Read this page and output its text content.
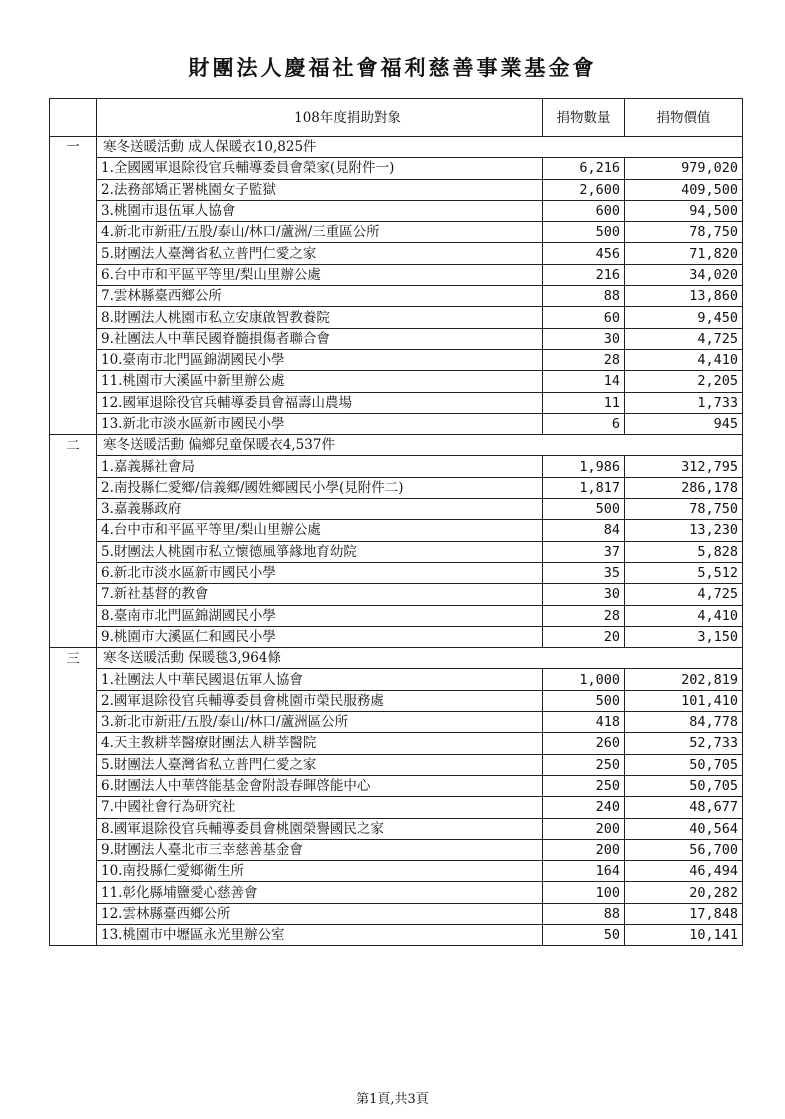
財團法人慶福社會福利慈善事業基金會
	108年度捐助對象	捐物數量	捐物價值
一	寒冬送暖活動 成人保暖衣10,825件		
	1.全國國軍退除役官兵輔導委員會榮家(見附件一)	6,216	979,020
	2.法務部矯正署桃園女子監獄	2,600	409,500
	3.桃園市退伍軍人協會	600	94,500
	4.新北市新莊/五股/泰山/林口/蘆洲/三重區公所	500	78,750
	5.財團法人臺灣省私立普門仁愛之家	456	71,820
	6.台中市和平區平等里/梨山里辦公處	216	34,020
	7.雲林縣臺西鄉公所	88	13,860
	8.財團法人桃園市私立安康啟智教養院	60	9,450
	9.社團法人中華民國脊髓損傷者聯合會	30	4,725
	10.臺南市北門區錦湖國民小學	28	4,410
	11.桃園市大溪區中新里辦公處	14	2,205
	12.國軍退除役官兵輔導委員會福壽山農場	11	1,733
	13.新北市淡水區新市國民小學	6	945
二	寒冬送暖活動 偏鄉兒童保暖衣4,537件		
	1.嘉義縣社會局	1,986	312,795
	2.南投縣仁愛鄉/信義鄉/國姓鄉國民小學(見附件二)	1,817	286,178
	3.嘉義縣政府	500	78,750
	4.台中市和平區平等里/梨山里辦公處	84	13,230
	5.財團法人桃園市私立懷德風箏緣地育幼院	37	5,828
	6.新北市淡水區新市國民小學	35	5,512
	7.新社基督的教會	30	4,725
	8.臺南市北門區錦湖國民小學	28	4,410
	9.桃園市大溪區仁和國民小學	20	3,150
三	寒冬送暖活動 保暖毯3,964條		
	1.社團法人中華民國退伍軍人協會	1,000	202,819
	2.國軍退除役官兵輔導委員會桃園市榮民服務處	500	101,410
	3.新北市新莊/五股/泰山/林口/蘆洲區公所	418	84,778
	4.天主教耕莘醫療財團法人耕莘醫院	260	52,733
	5.財團法人臺灣省私立普門仁愛之家	250	50,705
	6.財團法人中華啓能基金會附設春暉啓能中心	250	50,705
	7.中國社會行為研究社	240	48,677
	8.國軍退除役官兵輔導委員會桃園榮譽國民之家	200	40,564
	9.財團法人臺北市三幸慈善基金會	200	56,700
	10.南投縣仁愛鄉衛生所	164	46,494
	11.彰化縣埔鹽愛心慈善會	100	20,282
	12.雲林縣臺西鄉公所	88	17,848
	13.桃園市中壢區永光里辦公室	50	10,141
第1頁,共3頁
